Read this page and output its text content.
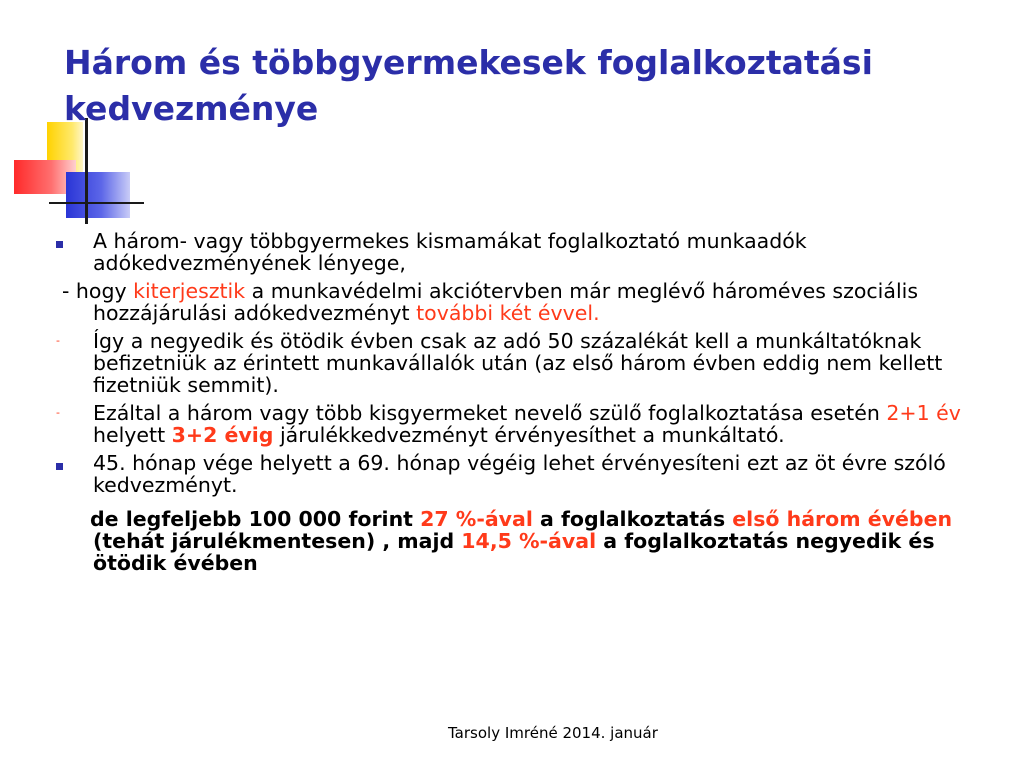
Három és többgyermekesek foglalkoztatási
kedvezménye
A három- vagy többgyermekes kismamákat foglalkoztató munkaadók adókedvezményének lényege,
- hogy kiterjesztik a munkavédelmi akciótervben már meglévő hároméves szociális hozzájárulási adókedvezményt további két évvel.
- Így a negyedik és ötödik évben csak az adó 50 százalékát kell a munkáltatóknak befizetniük az érintett munkavállalók után (az első három évben eddig nem kellett fizetniük semmit).
- Ezáltal a három vagy több kisgyermeket nevelő szülő foglalkoztatása esetén 2+1 év helyett 3+2 évig járulékkedvezményt érvényesíthet a munkáltató.
45. hónap vége helyett a 69. hónap végéig lehet érvényesíteni ezt az öt évre szóló kedvezményt.
de legfeljebb 100 000 forint 27 %-ával a foglalkoztatás első három évében (tehát járulékmentesen) , majd 14,5 %-ával a foglalkoztatás negyedik és ötödik évében
Tarsoly Imréné 2014. január
